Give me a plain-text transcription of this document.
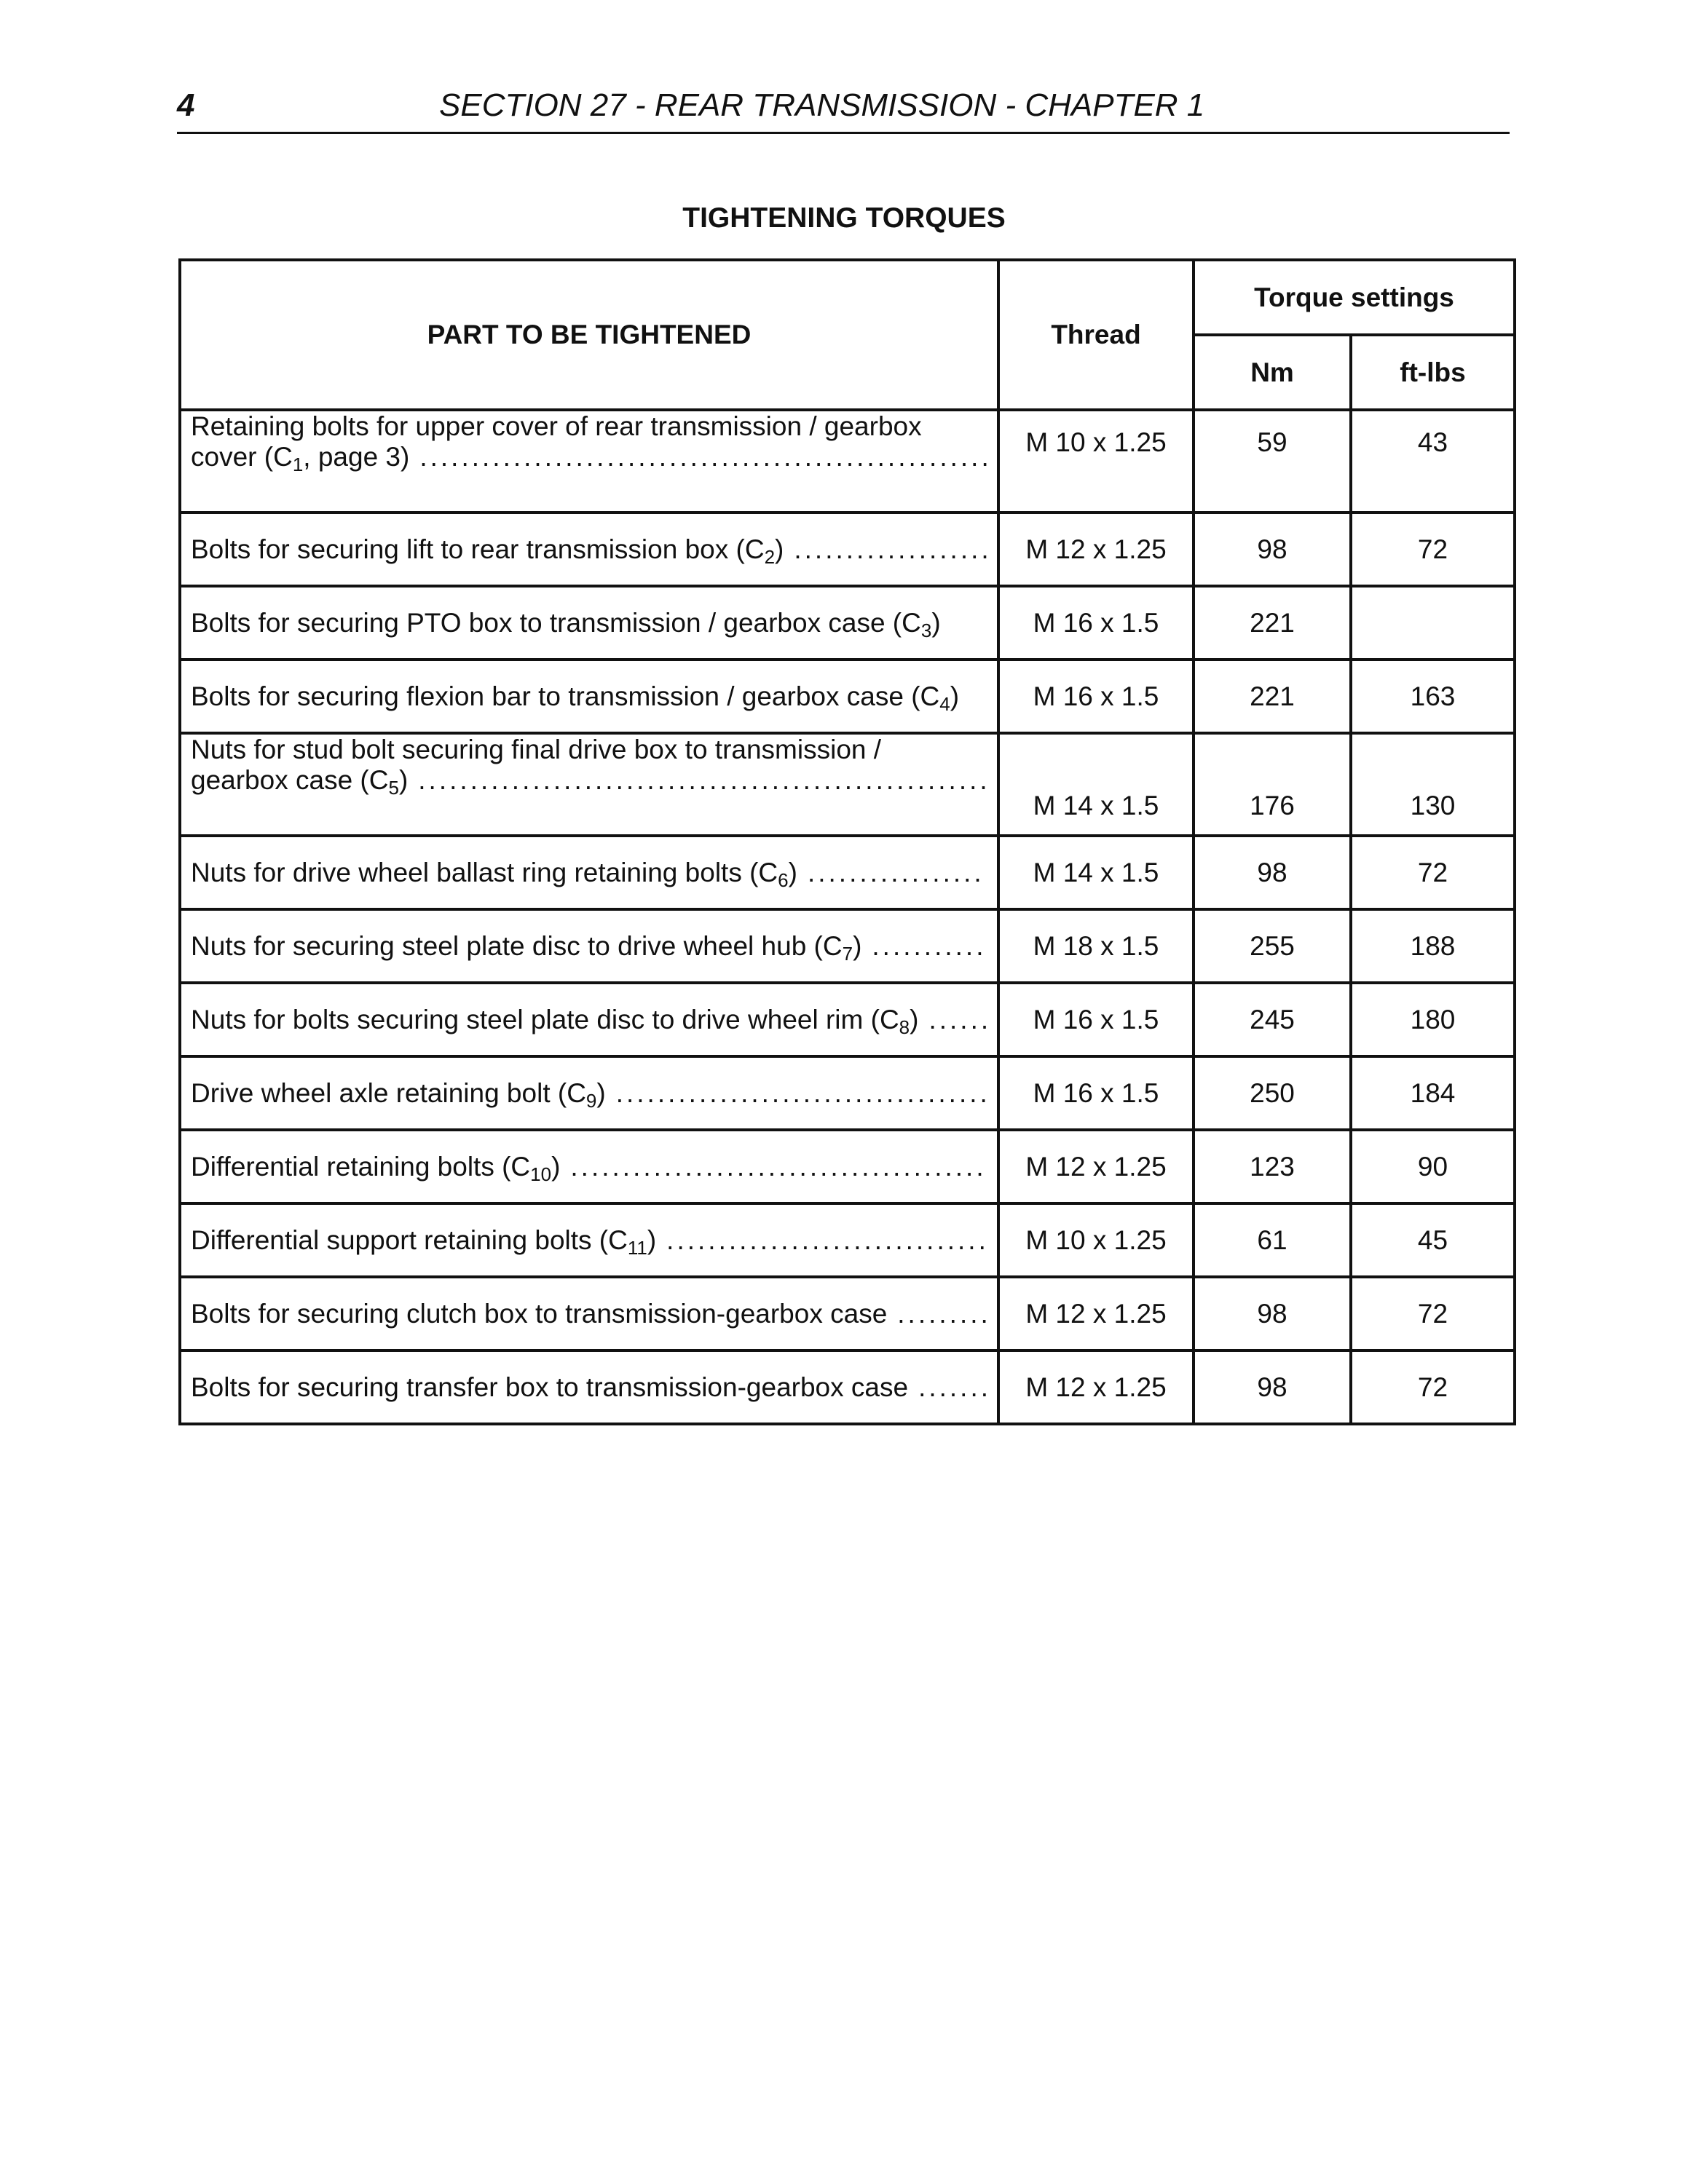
4	SECTION 27 - REAR TRANSMISSION - CHAPTER 1
TIGHTENING TORQUES
PART TO BE TIGHTENED	Thread	Torque settings	
		Nm	ft-lbs

Retaining bolts for upper cover of rear transmission / gearbox
cover ($C_1$, page 3)
.....	M 10 x 1.25	59	43

Bolts for securing lift to rear transmission box $(C_2)$
.....	M 12 x 1.25	98	72

Bolts for securing PTO box to transmission / gearbox case $(C_3)$	M 16 x 1.5	221	

Bolts for securing flexion bar to transmission / gearbox case $(C_4)$	M 16 x 1.5	221	163

Nuts for stud bolt securing final drive box to transmission /
gearbox case $(C_5)$
.....	M 14 x 1.5	176	130

Nuts for drive wheel ballast ring retaining bolts $(C_6)$
.....	M 14 x 1.5	98	72

Nuts for securing steel plate disc to drive wheel hub $(C_7)$
.....	M 18 x 1.5	255	188

Nuts for bolts securing steel plate disc to drive wheel rim $(C_8)$
.....	M 16 x 1.5	245	180

Drive wheel axle retaining bolt $(C_9)$
.....	M 16 x 1.5	250	184

Differential retaining bolts $(C_{10})$
.....	M 12 x 1.25	123	90

Differential support retaining bolts $(C_{11})$
.....	M 10 x 1.25	61	45

Bolts for securing clutch box to transmission-gearbox case
.....	M 12 x 1.25	98	72

Bolts for securing transfer box to transmission-gearbox case
.....	M 12 x 1.25	98	72
